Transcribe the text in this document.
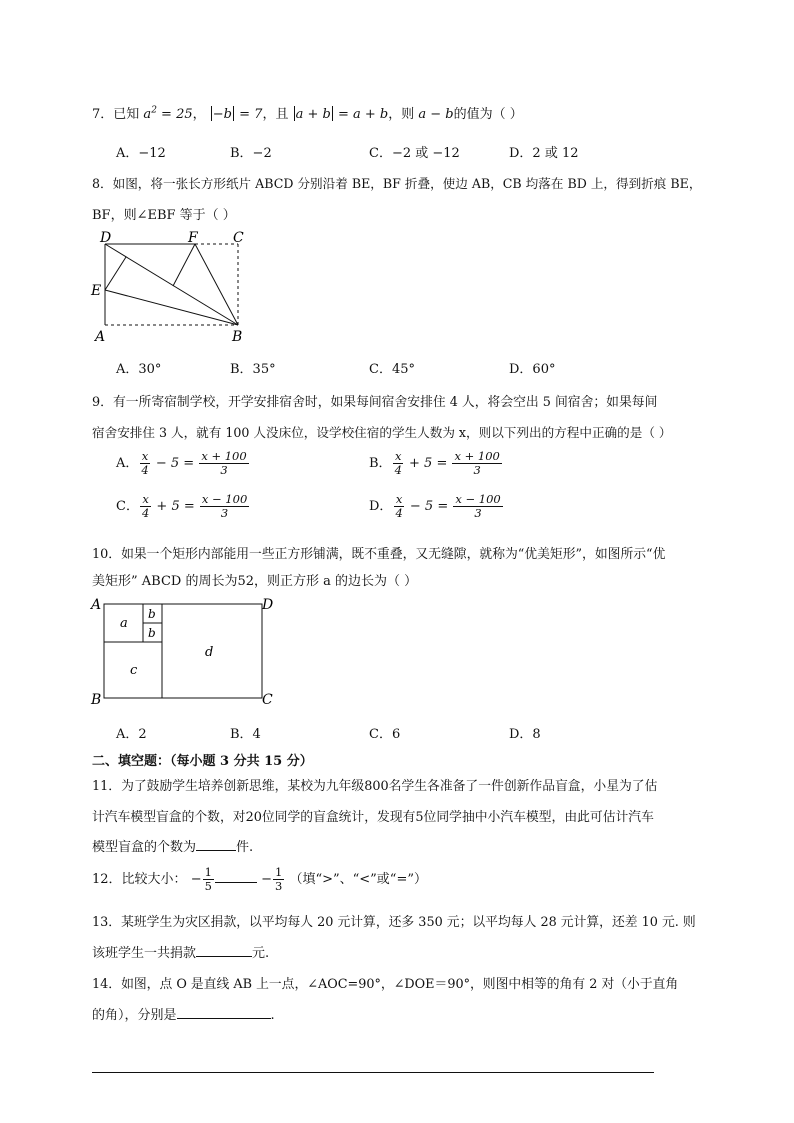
7．已知 $a^2 = 25$， −b = 7，且 a + b = a + b，则 a − b的值为（ ）
A．−12	B．−2	C．−2 或 −12	D．2 或 12
8．如图，将一张长方形纸片 ABCD 分别沿着 BE，BF 折叠，使边 AB，CB 均落在 BD 上，得到折痕 BE，
BF，则∠EBF 等于（ ）
D	F	C
E
A	B
A．30°	B．35°	C．45°	D．60°
9．有一所寄宿制学校，开学安排宿舍时，如果每间宿舍安排住 4 人，将会空出 5 间宿舍；如果每间
宿舍安排住 3 人，就有 100 人没床位，设学校住宿的学生人数为 x，则以下列出的方程中正确的是（ ）
A． $\frac{x}{4} - 5 = \frac{x + 100}{3}$	B． $\frac{x}{4} + 5 = \frac{x + 100}{3}$
C． $\frac{x}{4} + 5 = \frac{x - 100}{3}$	D． $\frac{x}{4} - 5 = \frac{x - 100}{3}$
10．如果一个矩形内部能用一些正方形铺满，既不重叠，又无缝隙，就称为“优美矩形”，如图所示“优
美矩形” ABCD 的周长为52，则正方形 a 的边长为（ ）
A	D
B	C
a
b
b
c
d
A．2	B．4	C．6	D．8
二、填空题：（每小题 3 分共 15 分）
11．为了鼓励学生培养创新思维，某校为九年级800名学生各准备了一件创新作品盲盒，小星为了估
计汽车模型盲盒的个数，对20位同学的盲盒统计，发现有5位同学抽中小汽车模型，由此可估计汽车
模型盲盒的个数为	件.
12．比较大小： − $\frac{1}{5}$	− $\frac{1}{3}$ （填“>”、“<”或“=”）
13．某班学生为灾区捐款，以平均每人 20 元计算，还多 350 元；以平均每人 28 元计算，还差 10 元. 则
该班学生一共捐款	元.
14．如图，点 O 是直线 AB 上一点，∠AOC=90°，∠DOE＝90°，则图中相等的角有 2 对（小于直角
的角），分别是	.
